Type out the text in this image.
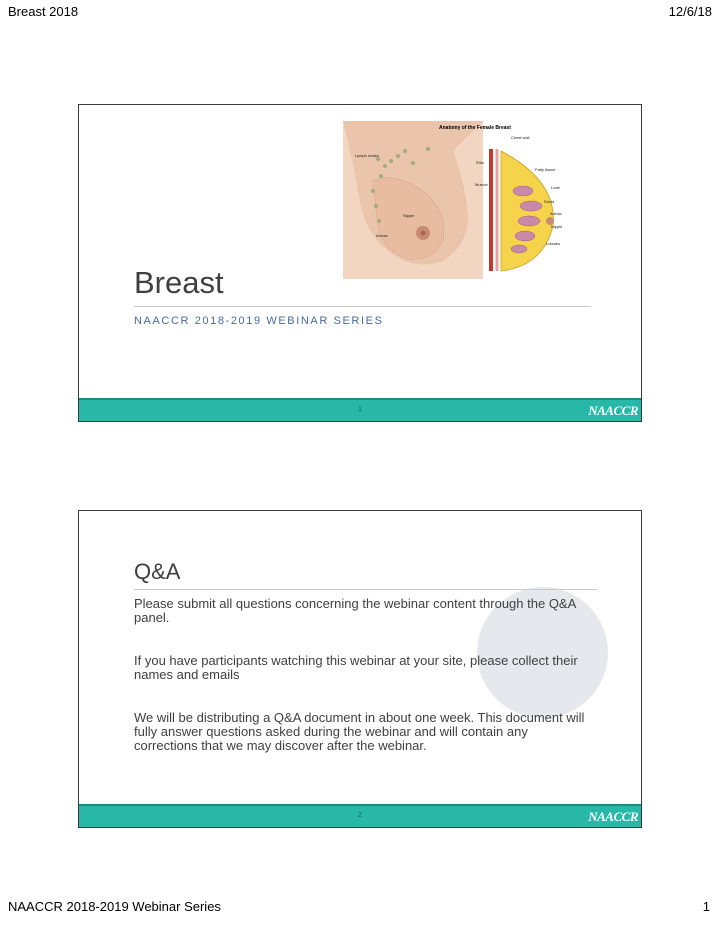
Breast 2018	12/6/18
Anatomy of the Female Breast
Chest wall
Lymph nodes
Ribs
Fatty tissue
Muscle
Lobe
Ducts
Areola
Nipple
Lobules
Nipple
Areola
Breast
NAACCR 2018-2019 WEBINAR SERIES
1	NAACCR
Q&A
Please submit all questions concerning the webinar content through the Q&A panel.
If you have participants watching this webinar at your site, please collect their names and emails
We will be distributing a Q&A document in about one week. This document will fully answer questions asked during the webinar and will contain any corrections that we may discover after the webinar.
2	NAACCR
NAACCR 2018-2019 Webinar Series	1
